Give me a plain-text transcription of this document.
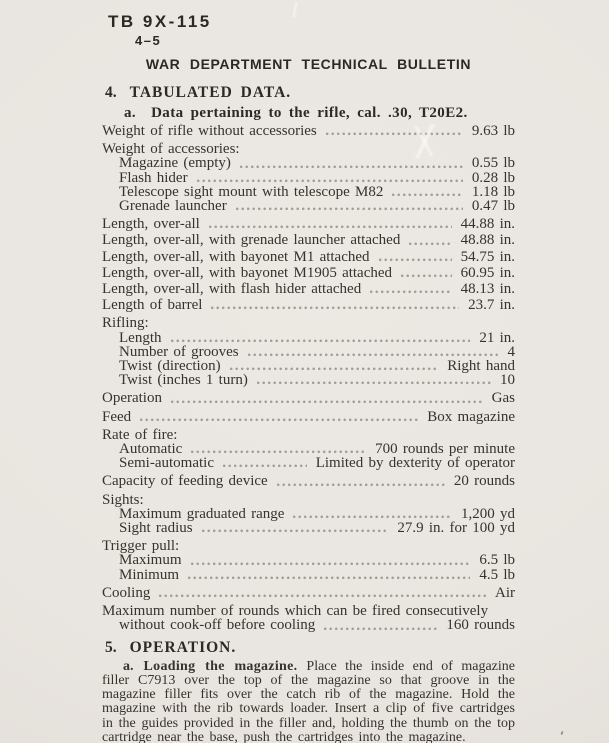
TB 9X-115
4–5
WAR DEPARTMENT TECHNICAL BULLETIN
4. TABULATED DATA.
a. Data pertaining to the rifle, cal. .30, T20E2.
Weight of rifle without accessories	9.63 lb
Weight of accessories:
Magazine (empty)	0.55 lb
Flash hider	0.28 lb
Telescope sight mount with telescope M82	1.18 lb
Grenade launcher	0.47 lb
Length, over-all	44.88 in.
Length, over-all, with grenade launcher attached	48.88 in.
Length, over-all, with bayonet M1 attached	54.75 in.
Length, over-all, with bayonet M1905 attached	60.95 in.
Length, over-all, with flash hider attached	48.13 in.
Length of barrel	23.7 in.
Rifling:
Length	21 in.
Number of grooves	4
Twist (direction)	Right hand
Twist (inches 1 turn)	10
Operation	Gas
Feed	Box magazine
Rate of fire:
Automatic	700 rounds per minute
Semi-automatic	Limited by dexterity of operator
Capacity of feeding device	20 rounds
Sights:
Maximum graduated range	1,200 yd
Sight radius	27.9 in. for 100 yd
Trigger pull:
Maximum	6.5 lb
Minimum	4.5 lb
Cooling	Air
Maximum number of rounds which can be fired consecutively
without cook-off before cooling	160 rounds
5. OPERATION.

a. Loading the magazine. Place the inside end of magazine filler C7913 over the top of the magazine so that groove in the magazine filler fits over the catch rib of the magazine. Hold the magazine with the rib towards loader. Insert a clip of five cartridges in the guides provided in the filler and, holding the thumb on the top cartridge near the base, push the cartridges into the magazine.
